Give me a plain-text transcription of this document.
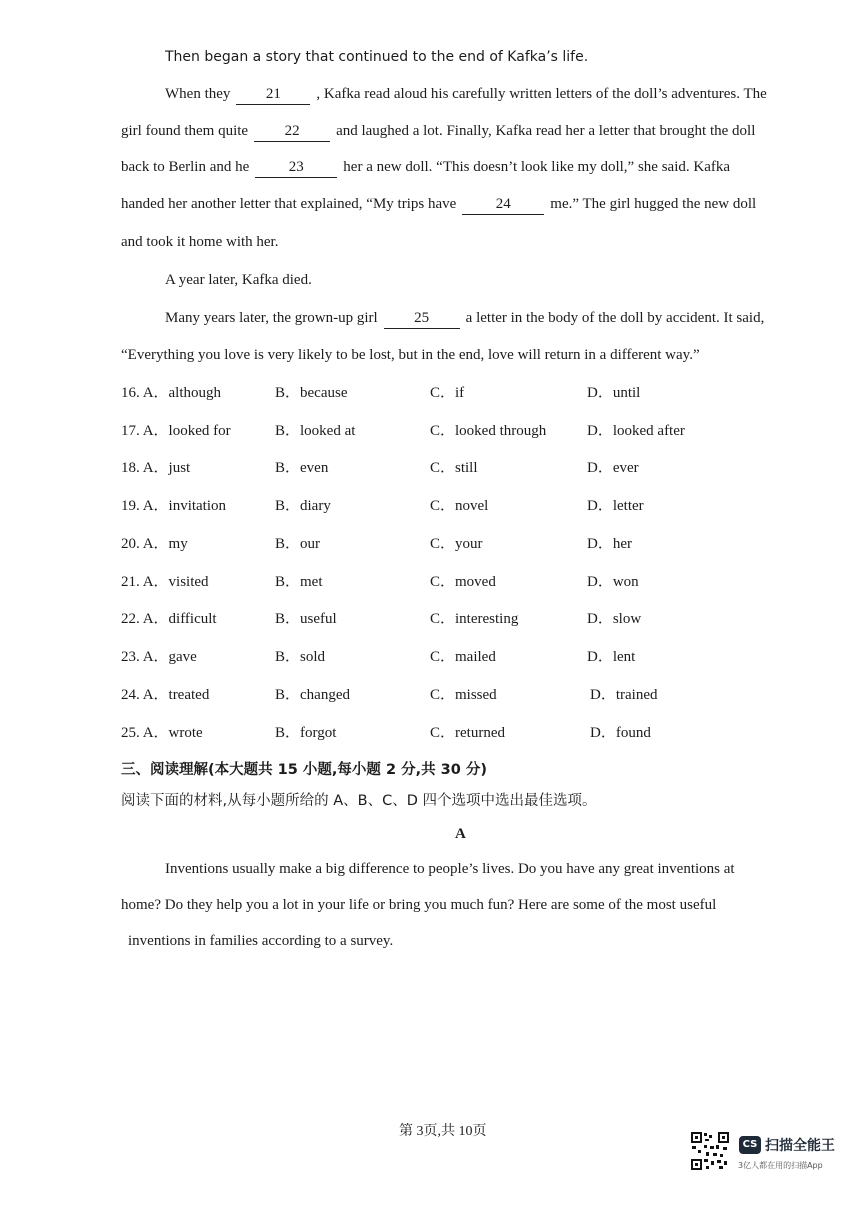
Then began a story that continued to the end of Kafka’s life.
When they 21 , Kafka read aloud his carefully written letters of the doll’s adventures. The
girl found them quite 22 and laughed a lot. Finally, Kafka read her a letter that brought the doll
back to Berlin and he	23	her a new doll. “This doesn’t look like my doll,” she said. Kafka
handed her another letter that explained, “My trips have	24	me.” The girl hugged the new doll
and took it home with her.
A year later, Kafka died.
Many years later, the grown-up girl 25 a letter in the body of the doll by accident. It said,
“Everything you love is very likely to be lost, but in the end, love will return in a different way.”
16. A．although	B．because	C．if	D．until
17. A．looked for	B．looked at	C．looked through	D．looked after
18. A．just	B．even	C．still	D．ever
19. A．invitation	B．diary	C．novel	D．letter
20. A．my	B．our	C．your	D．her
21. A．visited	B．met	C．moved	D．won
22. A．difficult	B．useful	C．interesting	D．slow
23. A．gave	B．sold	C．mailed	D．lent
24. A．treated	B．changed	C．missed	D．trained
25. A．wrote	B．forgot	C．returned	D．found
三、阅读理解(本大题共 15 小题,每小题 2 分,共 30 分)
阅读下面的材料,从每小题所给的 A、B、C、D 四个选项中选出最佳选项。
A
Inventions usually make a big difference to people’s lives. Do you have any great inventions at
home? Do they help you a lot in your life or bring you much fun? Here are some of the most useful
inventions in families according to a survey.
第 3页,共 10页
CS 扫描全能王
3亿人都在用的扫描App
